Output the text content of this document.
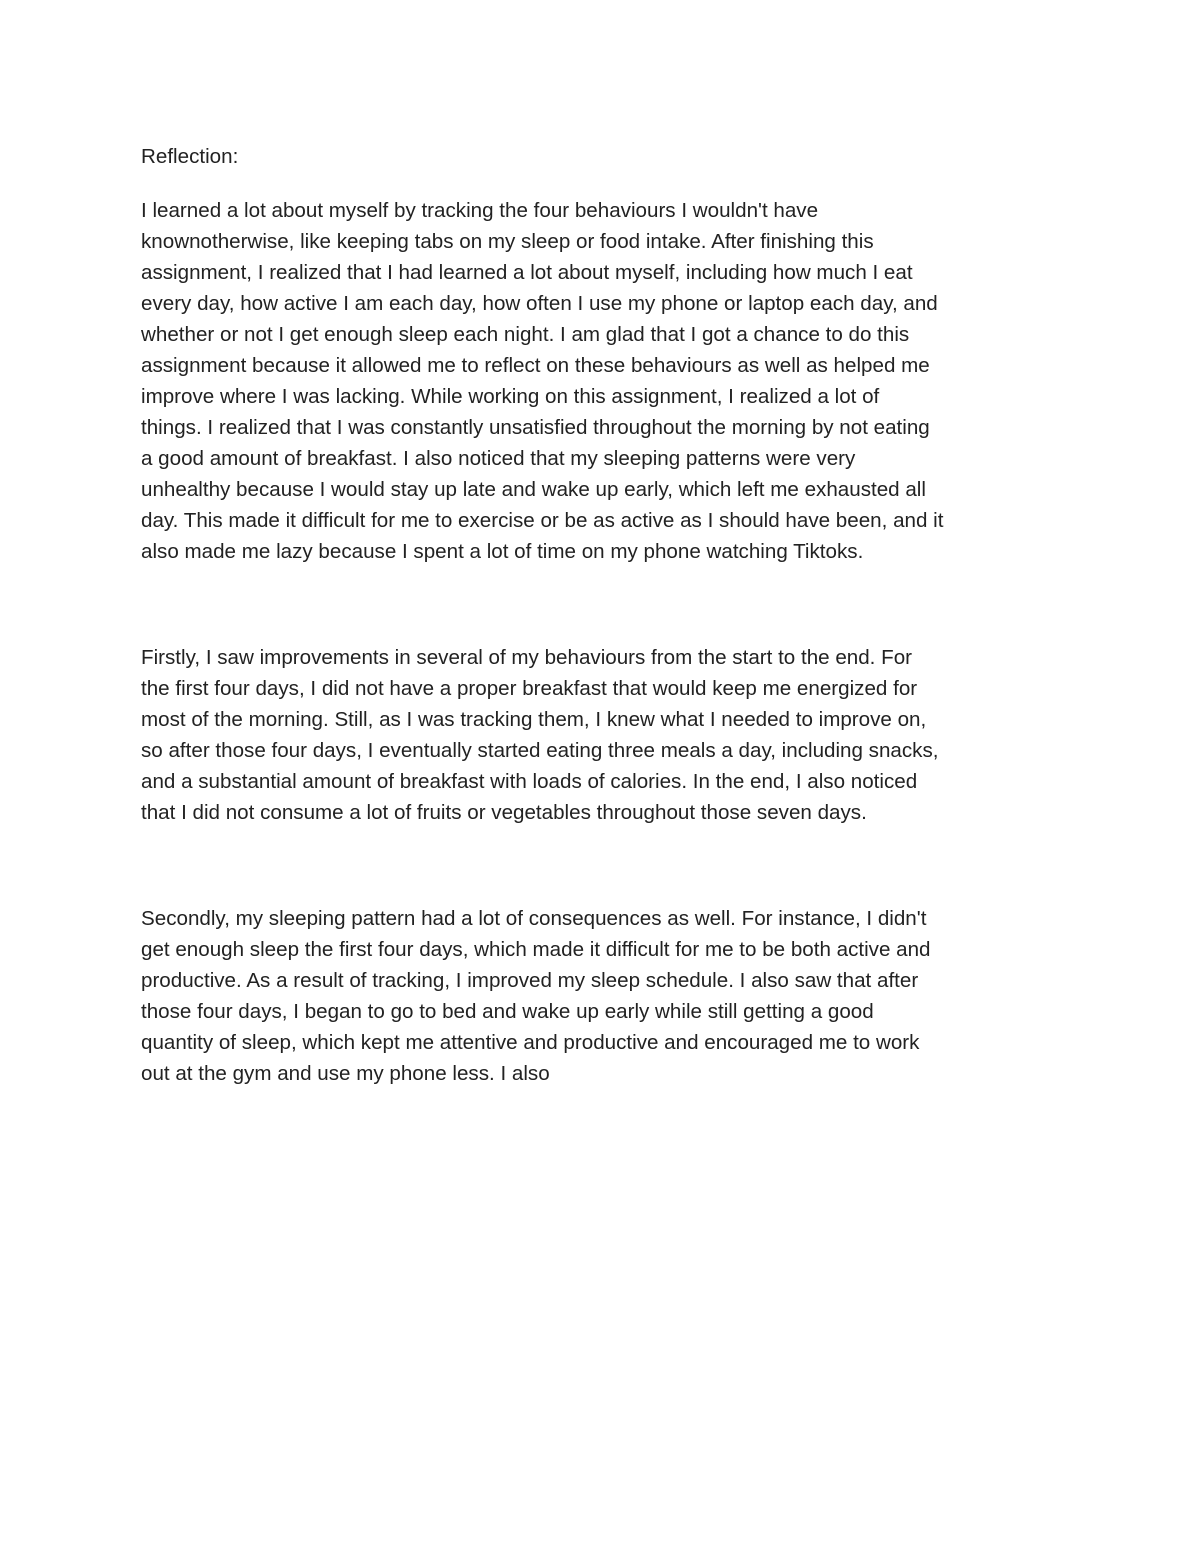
Reflection:
I learned a lot about myself by tracking the four behaviours I wouldn't have
knownotherwise, like keeping tabs on my sleep or food intake. After finishing this
assignment, I realized that I had learned a lot about myself, including how much I eat
every day, how active I am each day, how often I use my phone or laptop each day, and
whether or not I get enough sleep each night. I am glad that I got a chance to do this
assignment because it allowed me to reflect on these behaviours as well as helped me
improve where I was lacking. While working on this assignment, I realized a lot of
things. I realized that I was constantly unsatisfied throughout the morning by not eating
a good amount of breakfast. I also noticed that my sleeping patterns were very
unhealthy because I would stay up late and wake up early, which left me exhausted all
day. This made it difficult for me to exercise or be as active as I should have been, and it
also made me lazy because I spent a lot of time on my phone watching Tiktoks.
Firstly, I saw improvements in several of my behaviours from the start to the end. For
the first four days, I did not have a proper breakfast that would keep me energized for
most of the morning. Still, as I was tracking them, I knew what I needed to improve on,
so after those four days, I eventually started eating three meals a day, including snacks,
and a substantial amount of breakfast with loads of calories. In the end, I also noticed
that I did not consume a lot of fruits or vegetables throughout those seven days.
Secondly, my sleeping pattern had a lot of consequences as well. For instance, I didn't
get enough sleep the first four days, which made it difficult for me to be both active and
productive. As a result of tracking, I improved my sleep schedule. I also saw that after
those four days, I began to go to bed and wake up early while still getting a good
quantity of sleep, which kept me attentive and productive and encouraged me to work
out at the gym and use my phone less. I also
